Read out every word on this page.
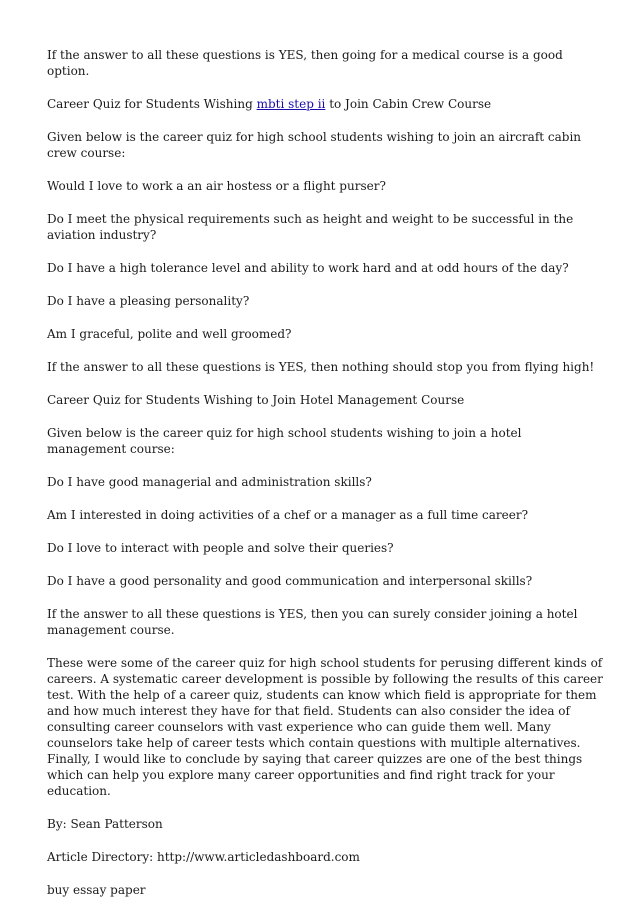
If the answer to all these questions is YES, then going for a medical course is a good option.

Career Quiz for Students Wishing mbti step ii to Join Cabin Crew Course

Given below is the career quiz for high school students wishing to join an aircraft cabin crew course:

Would I love to work a an air hostess or a flight purser?

Do I meet the physical requirements such as height and weight to be successful in the aviation industry?

Do I have a high tolerance level and ability to work hard and at odd hours of the day?

Do I have a pleasing personality?

Am I graceful, polite and well groomed?

If the answer to all these questions is YES, then nothing should stop you from flying high!

Career Quiz for Students Wishing to Join Hotel Management Course

Given below is the career quiz for high school students wishing to join a hotel management course:

Do I have good managerial and administration skills?

Am I interested in doing activities of a chef or a manager as a full time career?

Do I love to interact with people and solve their queries?

Do I have a good personality and good communication and interpersonal skills?

If the answer to all these questions is YES, then you can surely consider joining a hotel management course.

These were some of the career quiz for high school students for perusing different kinds of careers. A systematic career development is possible by following the results of this career test. With the help of a career quiz, students can know which field is appropriate for them and how much interest they have for that field. Students can also consider the idea of consulting career counselors with vast experience who can guide them well. Many counselors take help of career tests which contain questions with multiple alternatives. Finally, I would like to conclude by saying that career quizzes are one of the best things which can help you explore many career opportunities and find right track for your education.

By: Sean Patterson

Article Directory: http://www.articledashboard.com

buy essay paper
